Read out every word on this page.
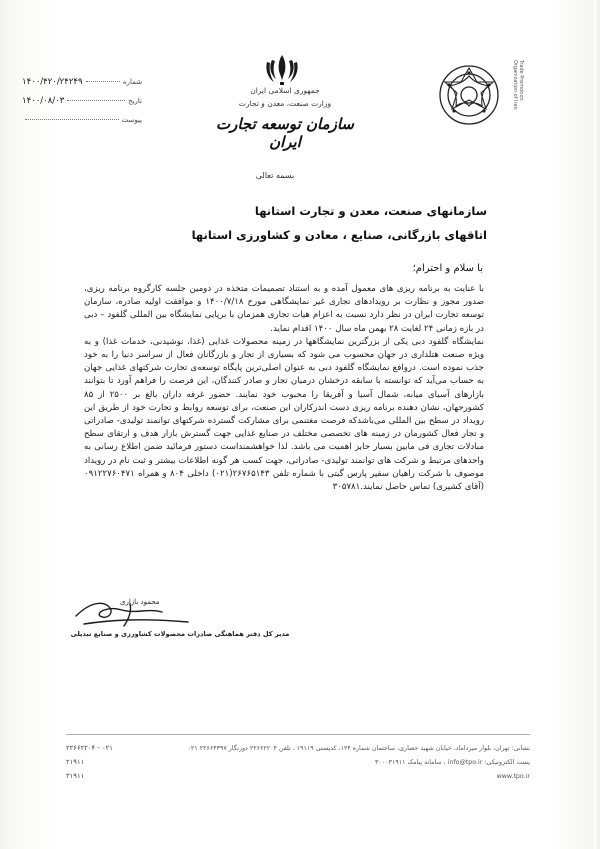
۱۴۰۰/۴۲۰/۲۴۲۴۹	شماره
۱۴۰۰/۰۸/۰۳	تاریخ
پیوست
جمهوری اسلامی ایران
وزارت صنعت، معدن و تجارت
سازمان توسعه تجارت ایران
Trade Promotion Organization of Iran
بسمه تعالی
سازمانهای صنعت، معدن و تجارت استانها
اتاقهای بازرگانی، صنایع ، معادن و کشاورزی استانها
با سلام و احترام؛

با عنایت به برنامه ریزی های معمول آمده و به استناد تصمیمات متخذه در دومین جلسه کارگروه برنامه ریزی، صدور مجوز و نظارت بر رویدادهای تجاری غیر نمایشگاهی مورخ ۱۴۰۰/۷/۱۸ و موافقت اولیه صادره، سازمان توسعه تجارت ایران در نظر دارد نسبت به اعزام هیات تجاری همزمان با برپایی نمایشگاه بین المللی گلفود – دبی در بازه زمانی ۲۴ لغایت ۲۸ بهمن ماه سال ۱۴۰۰ اقدام نماید.

نمایشگاه گلفود دبی یکی از بزرگترین نمایشگاهها در زمینه محصولات غذایی (غذا، نوشیدنی، خدمات غذا) و به ویژه صنعت هتلداری در جهان محسوب می شود که بسیاری از تجار و بازرگانان فعال از سراسر دنیا را به خود جذب نموده است. دروافع نمایشگاه گلفود دبی به عنوان اصلی‌ترین پایگاه توسعه‌ی تجارت شرکتهای غذایی جهان به حساب می‌آید که توانسته با سابقه درخشان درمیان تجار و صادر کنندگان، این فرصت را فراهم آورد تا بتوانند بازارهای آسیای میانه، شمال آسیا و آفریقا را محبوب خود نمایند. حضور غرفه داران بالغ بر ۲۵۰۰ از ۸۵ کشورجهان، نشان دهنده برنامه ریزی دست اندرکاران این صنعت، برای توسعه روابط و تجارت خود از طریق این رویداد در سطح بین المللی می‌باشدکه فرصت مغتنمی برای مشارکت گسترده شرکتهای توانمند تولیدی- صادراتی و تجار فعال کشورمان در زمینه های تخصصی مختلف در صنایع غذایی جهت گسترش بازار هدف و ارتقای سطح مبادلات تجاری فی مابین بسیار حایز اهمیت می باشد. لذا خواهشمنداست دستور فرمائید ضمن اطلاع رسانی به واحدهای مرتبط و شرکت های توانمند تولیدی- صادراتی، جهت کسب هر گونه اطلاعات بیشتر و ثبت نام در رویداد موصوف با شرکت راهیان سفیر پارس گیتی با شماره تلفن ۲۶۷۶۵۱۴۳(۰۲۱) داخلی ۸۰۴ و همراه ۰۹۱۲۲۷۶۰۴۷۱ (آقای کشیری) تماس حاصل نمایند.۳۰۵۷۸۱

محمود بازاری
مدیر کل دفتر هماهنگی صادرات محصولات کشاورزی و صنایع تبدیلی
نشانی: تهران، بلوار میرداماد، خیابان شهید حصاری، ساختمان شماره ۱۲۴، کدپستی ۱۹۱۱۹ ، تلفن ۲۲۶۶۲۲۰۴ دورنگار ۲۲۶۶۴۳۹۷ ۰۲۱
پست الکترونیکی: info@tpo.ir ، سامانه پیامک ۳۰۰۰۳۱۹۱۱
www.tpo.ir
۲۲۶۶۲۲۰۴ - ۰۲۱
۲۱۹۱۱
۳۱۹۱۱
